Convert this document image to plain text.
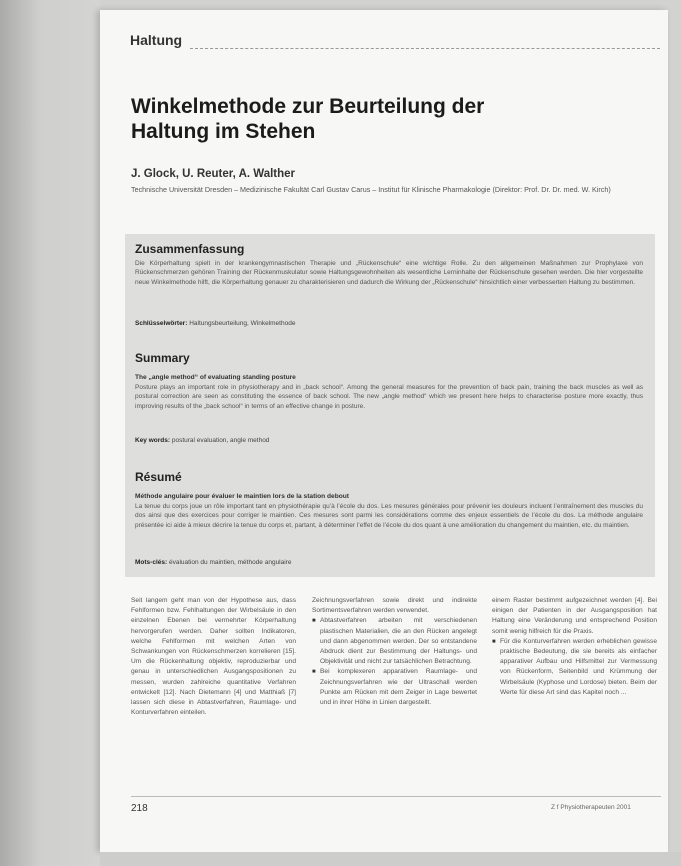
Haltung
Winkelmethode zur Beurteilung der Haltung im Stehen
J. Glock, U. Reuter, A. Walther
Technische Universität Dresden – Medizinische Fakultät Carl Gustav Carus – Institut für Klinische Pharmakologie (Direktor: Prof. Dr. Dr. med. W. Kirch)
Zusammenfassung
Die Körperhaltung spielt in der krankengymnastischen Therapie und „Rückenschule“ eine wichtige Rolle. Zu den allgemeinen Maßnahmen zur Prophylaxe von Rückenschmerzen gehören Training der Rückenmuskulatur sowie Haltungsgewohnheiten als wesentliche Lerninhalte der Rückenschule gesehen werden. Die hier vorgestellte neue Winkelmethode hilft, die Körperhaltung genauer zu charakterisieren und dadurch die Wirkung der „Rückenschule“ hinsichtlich einer verbesserten Haltung zu bestimmen.
Schlüsselwörter: Haltungsbeurteilung, Winkelmethode
Summary
The „angle method“ of evaluating standing posture
Posture plays an important role in physiotherapy and in „back school“. Among the general measures for the prevention of back pain, training the back muscles as well as postural correction are seen as constituting the essence of back school. The new „angle method“ which we present here helps to characterise posture more exactly, thus improving results of the „back school“ in terms of an effective change in posture.
Key words: postural evaluation, angle method
Résumé
Méthode angulaire pour évaluer le maintien lors de la station debout
La tenue du corps joue un rôle important tant en physiothérapie qu’à l’école du dos. Les mesures générales pour prévenir les douleurs incluent l’entraînement des muscles du dos ainsi que des exercices pour corriger le maintien. Ces mesures sont parmi les considérations comme des enjeux essentiels de l’école du dos. La méthode angulaire présentée ici aide à mieux décrire la tenue du corps et, partant, à déterminer l’effet de l’école du dos quant à une amélioration du changement du maintien, etc. du maintien.
Mots-clés: évaluation du maintien, méthode angulaire

Seit langem geht man von der Hypothese aus, dass Fehlformen bzw. Fehlhaltungen der Wirbelsäule in den einzelnen Ebenen bei vermehrter Körperhaltung hervorgerufen werden. Daher sollten Indikatoren, welche Fehlformen mit welchen Arten von Schwankungen von Rückenschmerzen korrelieren [15]. Um die Rückenhaltung objektiv, reproduzierbar und genau in unterschiedlichen Ausgangspositionen zu messen, wurden zahlreiche quantitative Verfahren entwickelt [12]. Nach Dietemann [4] und Matthiaß [7] lassen sich diese in Abtastverfahren, Raumlage- und Konturverfahren einteilen.

Zeichnungsverfahren sowie direkt und indirekte Sortimentsverfahren werden verwendet.

■ Abtastverfahren arbeiten mit verschiedenen plastischen Materialien, die an den Rücken angelegt und dann abgenommen werden. Der so entstandene Abdruck dient zur Bestimmung der Haltungs- und Objektivität und nicht zur tatsächlichen Betrachtung.
■ Bei komplexeren apparativen Raumlage- und Zeichnungsverfahren wie der Ultraschall werden Punkte am Rücken mit dem Zeiger in Lage bewertet und in ihrer Höhe in Linien dargestellt.

einem Raster bestimmt aufgezeichnet werden [4]. Bei einigen der Patienten in der Ausgangsposition hat Haltung eine Veränderung und entsprechend Position somit wenig hilfreich für die Praxis.

■ Für die Konturverfahren werden erheblichen gewisse praktische Bedeutung, die sie bereits als einfacher apparativer Aufbau und Hilfsmittel zur Vermessung von Rückenform, Seitenbild und Krümmung der Wirbelsäule (Kyphose und Lordose) bieten. Beim der Werte für diese Art sind das Kapitel noch ...
218	Z f Physiotherapeuten 2001
